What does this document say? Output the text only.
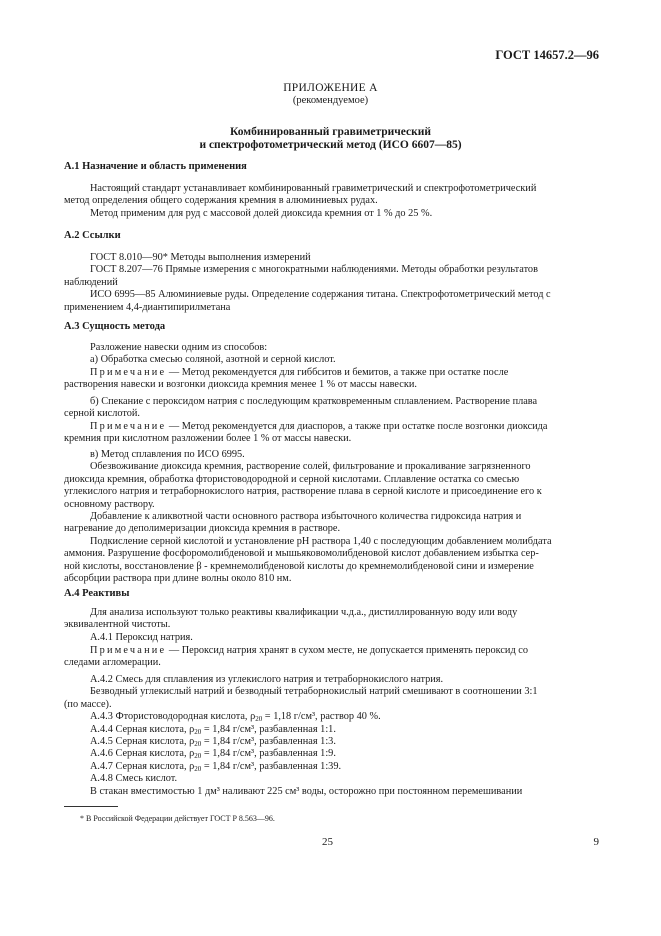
ГОСТ 14657.2—96
ПРИЛОЖЕНИЕ А
(рекомендуемое)
Комбинированный гравиметрический
и спектрофотометрический метод (ИСО 6607—85)

А.1 Назначение и область применения

Настоящий стандарт устанавливает комбинированный гравиметрический и спектрофотометрический

метод определения общего содержания кремния в алюминиевых рудах.

Метод применим для руд с массовой долей диоксида кремния от 1 % до 25 %.

А.2 Ссылки

ГОСТ 8.010—90* Методы выполнения измерений

ГОСТ 8.207—76 Прямые измерения с многократными наблюдениями. Методы обработки результатов

наблюдений

ИСО 6995—85 Алюминиевые руды. Определение содержания титана. Спектрофотометрический метод с

применением 4,4-диантипирилметана

А.3 Сущность метода

Разложение навески одним из способов:

а) Обработка смесью соляной, азотной и серной кислот.

Примечание — Метод рекомендуется для гиббситов и бемитов, а также при остатке после

растворения навески и возгонки диоксида кремния менее 1 % от массы навески.

б) Спекание с пероксидом натрия с последующим кратковременным сплавлением. Растворение плава

серной кислотой.

Примечание — Метод рекомендуется для диаспоров, а также при остатке после возгонки диоксида

кремния при кислотном разложении более 1 % от массы навески.

в) Метод сплавления по ИСО 6995.

Обезвоживание диоксида кремния, растворение солей, фильтрование и прокаливание загрязненного

диоксида кремния, обработка фтористоводородной и серной кислотами. Сплавление остатка со смесью

углекислого натрия и тетраборнокислого натрия, растворение плава в серной кислоте и присоединение его к

основному раствору.

Добавление к аликвотной части основного раствора избыточного количества гидроксида натрия и

нагревание до деполимеризации диоксида кремния в растворе.

Подкисление серной кислотой и установление pH раствора 1,40 с последующим добавлением молибдата

аммония. Разрушение фосфоромолибденовой и мышьяковомолибденовой кислот добавлением избытка сер-

ной кислоты, восстановление β - кремнемолибденовой кислоты до кремнемолибденовой сини и измерение

абсорбции раствора при длине волны около 810 нм.

А.4 Реактивы

Для анализа используют только реактивы квалификации ч.д.а., дистиллированную воду или воду

эквивалентной чистоты.

А.4.1 Пероксид натрия.

Примечание — Пероксид натрия хранят в сухом месте, не допускается применять пероксид со

следами агломерации.

А.4.2 Смесь для сплавления из углекислого натрия и тетраборнокислого натрия.

Безводный углекислый натрий и безводный тетраборнокислый натрий смешивают в соотношении 3:1

(по массе).

А.4.3 Фтористоводородная кислота, $\rho_{20} = 1,18$ г/см³, раствор 40 %.

А.4.4 Серная кислота, $\rho_{20} = 1,84$ г/см³, разбавленная 1:1.

А.4.5 Серная кислота, $\rho_{20} = 1,84$ г/см³, разбавленная 1:3.

А.4.6 Серная кислота, $\rho_{20} = 1,84$ г/см³, разбавленная 1:9.

А.4.7 Серная кислота, $\rho_{20} = 1,84$ г/см³, разбавленная 1:39.

А.4.8 Смесь кислот.

В стакан вместимостью 1 дм³ наливают 225 см³ воды, осторожно при постоянном перемешивании

* В Российской Федерации действует ГОСТ Р 8.563—96.
25	9
